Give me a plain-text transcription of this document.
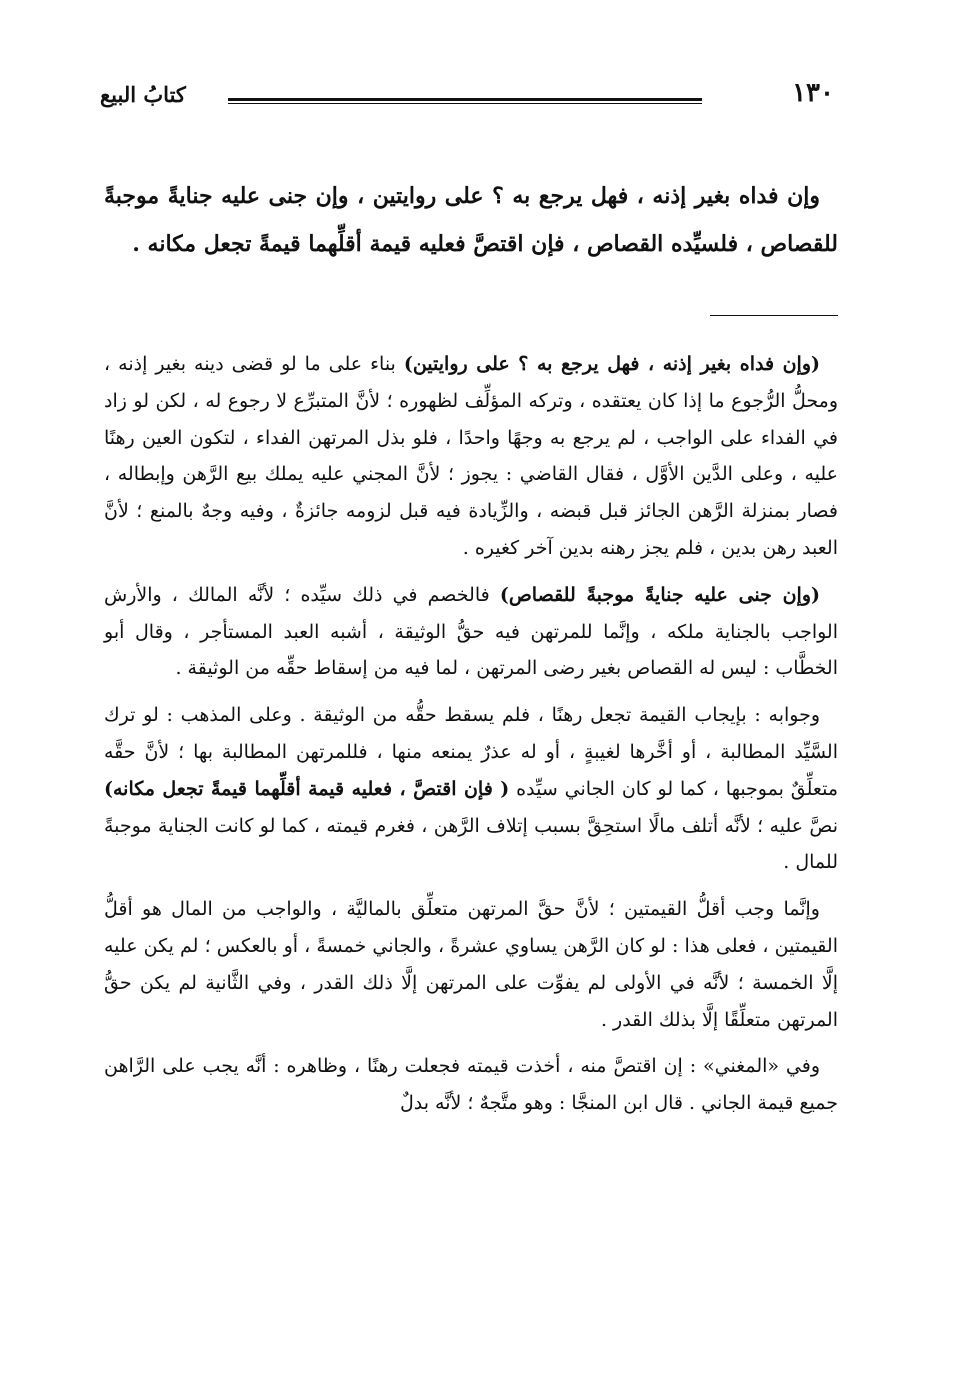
١٣٠
كتابُ البيع

وإن فداه بغير إذنه ، فهل يرجع به ؟ على روايتين ، وإن جنى عليه جنايةً موجبةً للقصاص ، فلسيِّده القصاص ، فإن اقتصَّ فعليه قيمة أقلِّهما قيمةً تجعل مكانه .

(وإن فداه بغير إذنه ، فهل يرجع به ؟ على روايتين) بناء على ما لو قضى دينه بغير إذنه ، ومحلُّ الرُّجوع ما إذا كان يعتقده ، وتركه المؤلِّف لظهوره ؛ لأنَّ المتبرِّع لا رجوع له ، لكن لو زاد في الفداء على الواجب ، لم يرجع به وجهًا واحدًا ، فلو بذل المرتهن الفداء ، لتكون العين رهنًا عليه ، وعلى الدَّين الأوَّل ، فقال القاضي : يجوز ؛ لأنَّ المجني عليه يملك بيع الرَّهن وإبطاله ، فصار بمنزلة الرَّهن الجائز قبل قبضه ، والزِّيادة فيه قبل لزومه جائزةٌ ، وفيه وجهٌ بالمنع ؛ لأنَّ العبد رهن بدين ، فلم يجز رهنه بدين آخر كغيره .

(وإن جنى عليه جنايةً موجبةً للقصاص) فالخصم في ذلك سيِّده ؛ لأنَّه المالك ، والأرش الواجب بالجناية ملكه ، وإنَّما للمرتهن فيه حقُّ الوثيقة ، أشبه العبد المستأجر ، وقال أبو الخطَّاب : ليس له القصاص بغير رضى المرتهن ، لما فيه من إسقاط حقِّه من الوثيقة .

وجوابه : بإيجاب القيمة تجعل رهنًا ، فلم يسقط حقُّه من الوثيقة . وعلى المذهب : لو ترك السَّيِّد المطالبة ، أو أخَّرها لغيبةٍ ، أو له عذرٌ يمنعه منها ، فللمرتهن المطالبة بها ؛ لأنَّ حقَّه متعلِّقٌ بموجبها ، كما لو كان الجاني سيِّده ( فإن اقتصَّ ، فعليه قيمة أقلِّهما قيمةً تجعل مكانه) نصَّ عليه ؛ لأنَّه أتلف مالًا استحِقَّ بسبب إتلاف الرَّهن ، فغرم قيمته ، كما لو كانت الجناية موجبةً للمال .

وإنَّما وجب أقلُّ القيمتين ؛ لأنَّ حقَّ المرتهن متعلِّق بالماليَّة ، والواجب من المال هو أقلُّ القيمتين ، فعلى هذا : لو كان الرَّهن يساوي عشرةً ، والجاني خمسةً ، أو بالعكس ؛ لم يكن عليه إلَّا الخمسة ؛ لأنَّه في الأولى لم يفوِّت على المرتهن إلَّا ذلك القدر ، وفي الثَّانية لم يكن حقُّ المرتهن متعلِّقًا إلَّا بذلك القدر .

وفي «المغني» : إن اقتصَّ منه ، أخذت قيمته فجعلت رهنًا ، وظاهره : أنَّه يجب على الرَّاهن جميع قيمة الجاني . قال ابن المنجَّا : وهو متَّجهٌ ؛ لأنَّه بدلٌ
